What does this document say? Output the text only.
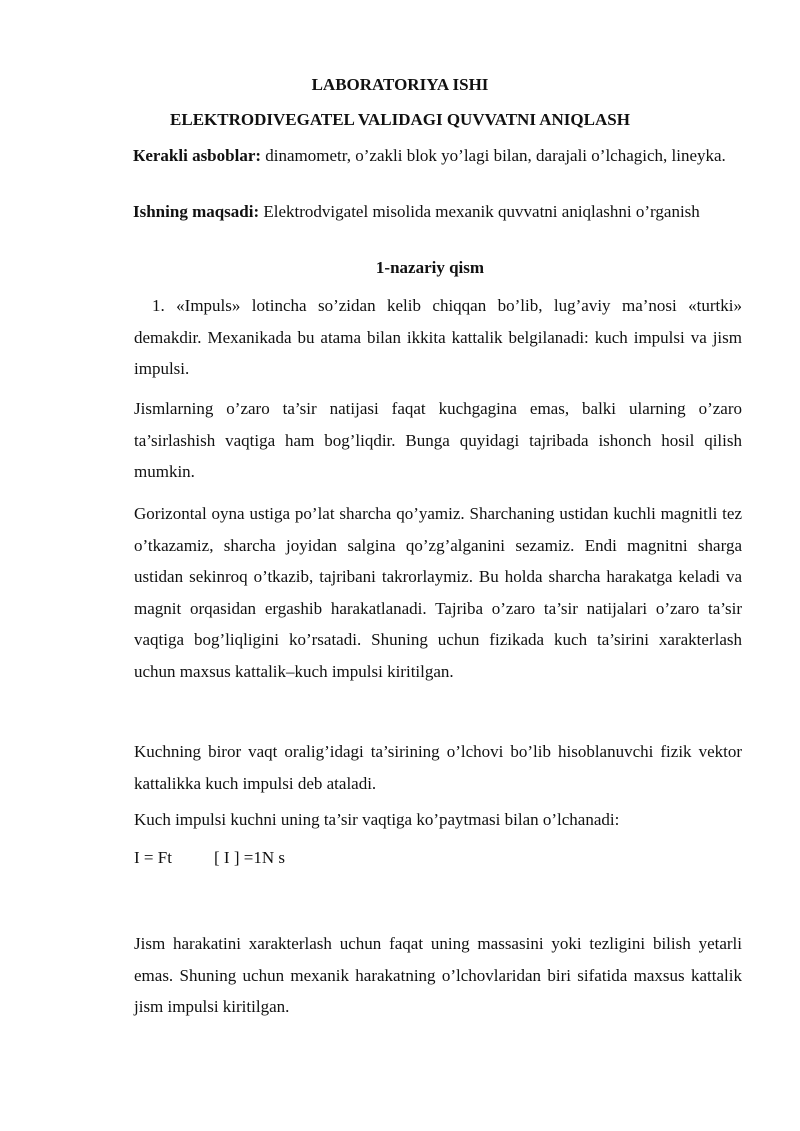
LABORATORIYA ISHI
ELEKTRODIVEGATEL VALIDAGI QUVVATNI ANIQLASH

Кerakli asboblar: dinamometr, o’zakli blok yo’lagi bilan, darajali o’lchagich, lineyka.

Ishning maqsadi: Elektrodvigatel misolida mexanik quvvatni aniqlashni o’rganish

1-nazariy qism

1. «Impuls» lotincha so’zidan kelib chiqqan bo’lib, lug’aviy ma’nosi «turtki» demakdir. Mexanikada bu atama bilan ikkita kattalik belgilanadi: kuch impulsi va jism impulsi.

Jismlarning o’zaro ta’sir natijasi faqat kuchgagina emas, balki ularning o’zaro ta’sirlashish vaqtiga ham bog’liqdir. Bunga quyidagi tajribada ishonch hosil qilish mumkin.

Gorizontal oyna ustiga po’lat sharcha qo’yamiz. Sharchaning ustidan kuchli magnitli tez o’tkazamiz, sharcha joyidan salgina qo’zg’alganini sezamiz. Endi magnitni sharga ustidan sekinroq o’tkazib, tajribani takrorlaymiz. Bu holda sharcha harakatga keladi va magnit orqasidan ergashib harakatlanadi. Tajriba o’zaro ta’sir natijalari o’zaro ta’sir vaqtiga bog’liqligini ko’rsatadi. Shuning uchun fizikada kuch ta’sirini xarakterlash uchun maxsus kattalik–kuch impulsi kiritilgan.

Kuchning biror vaqt oralig’idagi ta’sirining o’lchovi bo’lib hisoblanuvchi fizik vektor kattalikka kuch impulsi deb ataladi.

Kuch impulsi kuchni uning ta’sir vaqtiga ko’paytmasi bilan o’lchanadi:

I = Ft [ I ] =1N s

Jism harakatini xarakterlash uchun faqat uning massasini yoki tezligini bilish yetarli emas. Shuning uchun mexanik harakatning o’lchovlaridan biri sifatida maxsus kattalik jism impulsi kiritilgan.
